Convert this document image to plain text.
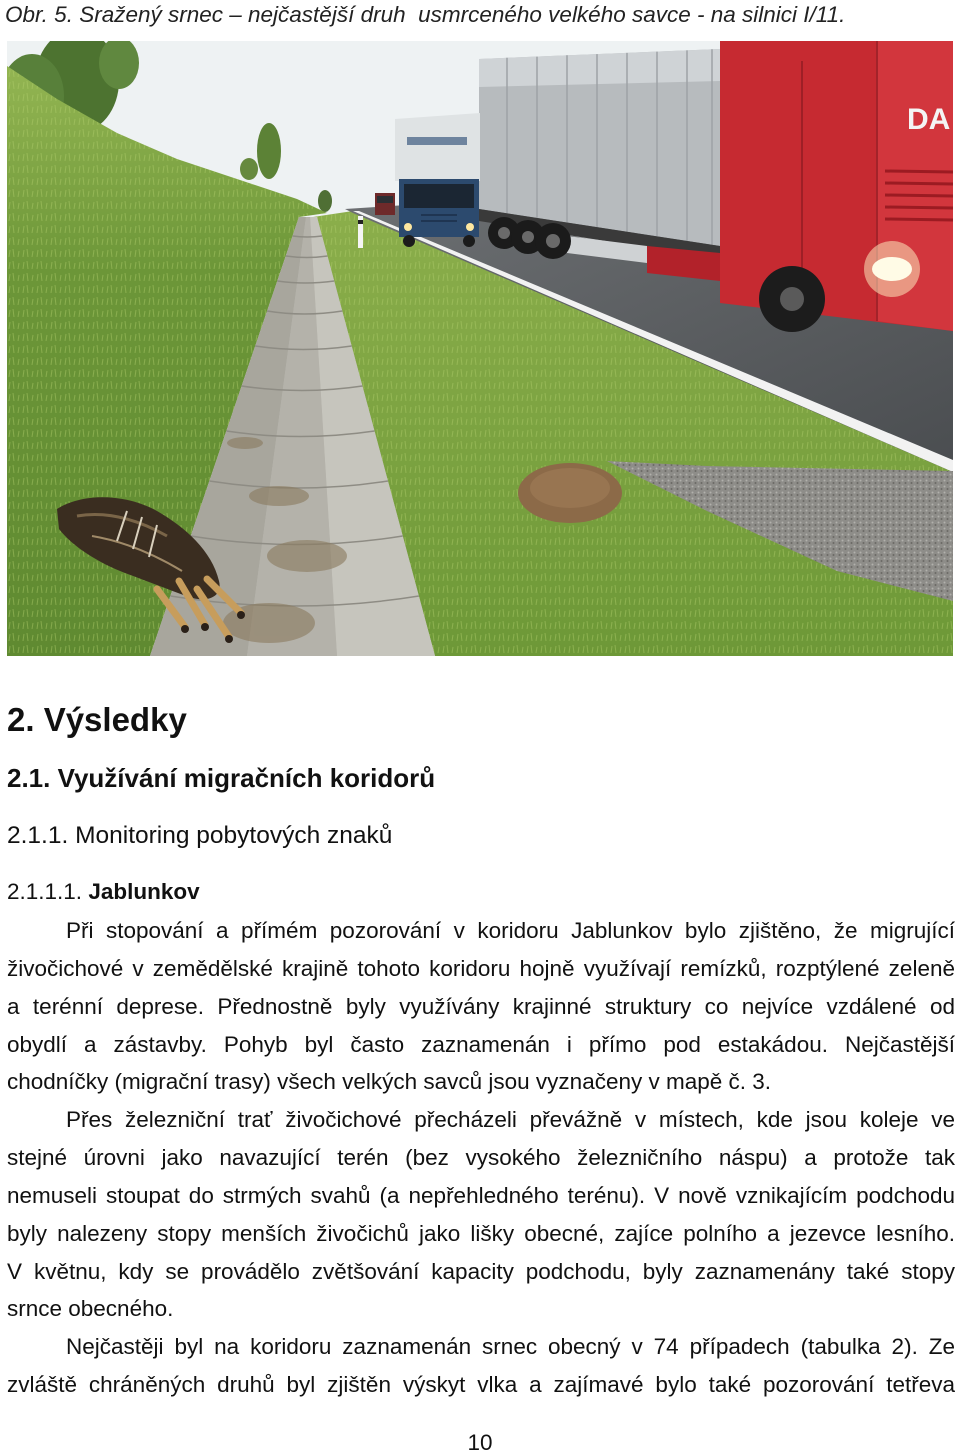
Obr. 5. Sražený srnec – nejčastější druh  usmrceného velkého savce - na silnici I/11.
DA
2. Výsledky
2.1. Využívání migračních koridorů
2.1.1. Monitoring pobytových znaků
2.1.1.1. Jablunkov
Při stopování a přímém pozorování v koridoru Jablunkov bylo zjištěno, že migrující
živočichové v zemědělské krajině tohoto koridoru hojně využívají remízků, rozptýlené zeleně
a terénní deprese. Přednostně byly využívány krajinné struktury co nejvíce vzdálené od
obydlí a zástavby. Pohyb byl často zaznamenán i přímo pod estakádou. Nejčastější
chodníčky (migrační trasy) všech velkých savců jsou vyznačeny v mapě č. 3.
Přes železniční trať živočichové přecházeli převážně v místech, kde jsou koleje ve
stejné úrovni jako navazující terén (bez vysokého železničního náspu) a protože tak
nemuseli stoupat do strmých svahů (a nepřehledného terénu). V nově vznikajícím podchodu
byly nalezeny stopy menších živočichů jako lišky obecné, zajíce polního a jezevce lesního.
V květnu, kdy se provádělo zvětšování kapacity podchodu, byly zaznamenány také stopy
srnce obecného.
Nejčastěji byl na koridoru zaznamenán srnec obecný v 74 případech (tabulka 2). Ze
zvláště chráněných druhů byl zjištěn výskyt vlka a zajímavé bylo také pozorování tetřeva
10
